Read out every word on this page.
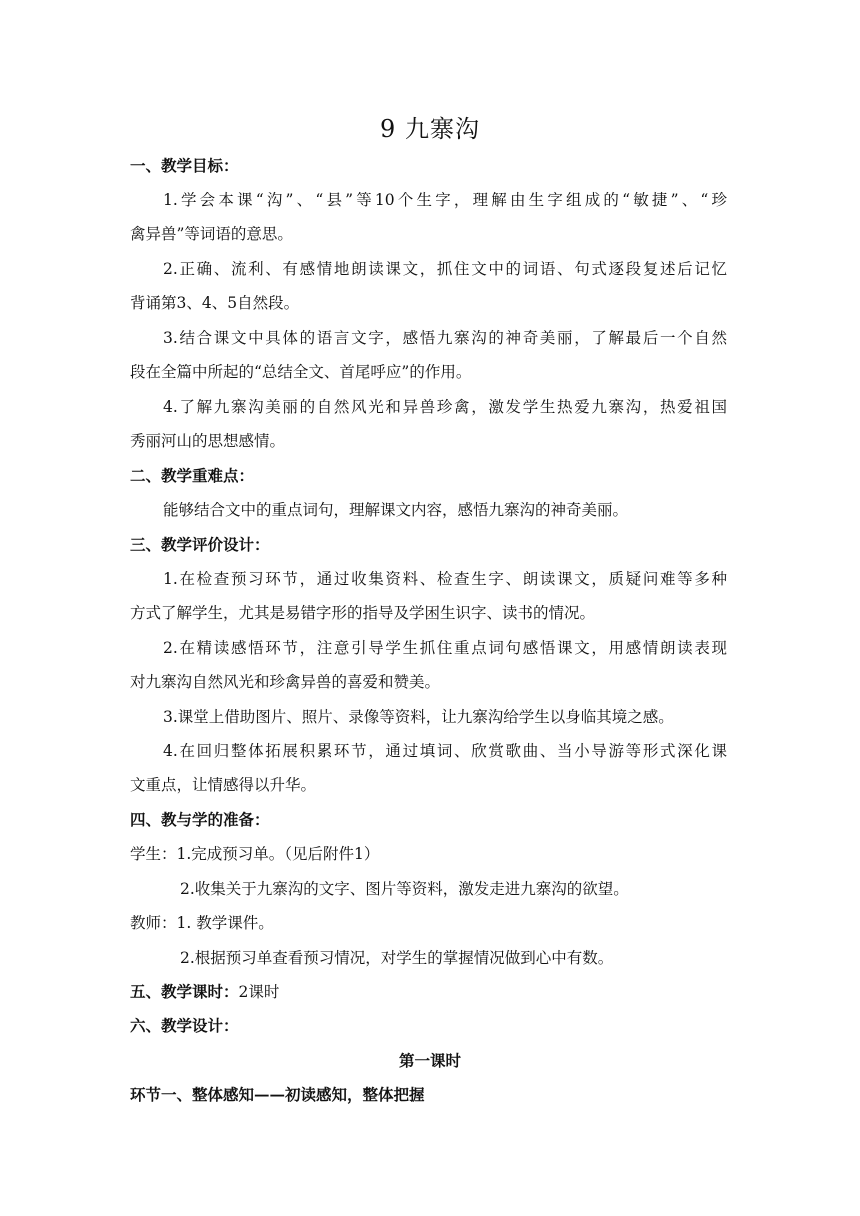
9 九寨沟
一、教学目标：
1.学会本课“沟”、“县”等10个生字，理解由生字组成的“敏捷”、“珍
禽异兽”等词语的意思。
2.正确、流利、有感情地朗读课文，抓住文中的词语、句式逐段复述后记忆
背诵第3、4、5自然段。
3.结合课文中具体的语言文字，感悟九寨沟的神奇美丽，了解最后一个自然
段在全篇中所起的“总结全文、首尾呼应”的作用。
4.了解九寨沟美丽的自然风光和异兽珍禽，激发学生热爱九寨沟，热爱祖国
秀丽河山的思想感情。
二、教学重难点：
能够结合文中的重点词句，理解课文内容，感悟九寨沟的神奇美丽。
三、教学评价设计：
1.在检查预习环节，通过收集资料、检查生字、朗读课文，质疑问难等多种
方式了解学生，尤其是易错字形的指导及学困生识字、读书的情况。
2.在精读感悟环节，注意引导学生抓住重点词句感悟课文，用感情朗读表现
对九寨沟自然风光和珍禽异兽的喜爱和赞美。
3.课堂上借助图片、照片、录像等资料，让九寨沟给学生以身临其境之感。
4.在回归整体拓展积累环节，通过填词、欣赏歌曲、当小导游等形式深化课
文重点，让情感得以升华。
四、教与学的准备：
学生：1.完成预习单。（见后附件1）
2.收集关于九寨沟的文字、图片等资料，激发走进九寨沟的欲望。
教师：1. 教学课件。
2.根据预习单查看预习情况，对学生的掌握情况做到心中有数。
五、教学课时：2课时
六、教学设计：
第一课时
环节一、整体感知——初读感知，整体把握
